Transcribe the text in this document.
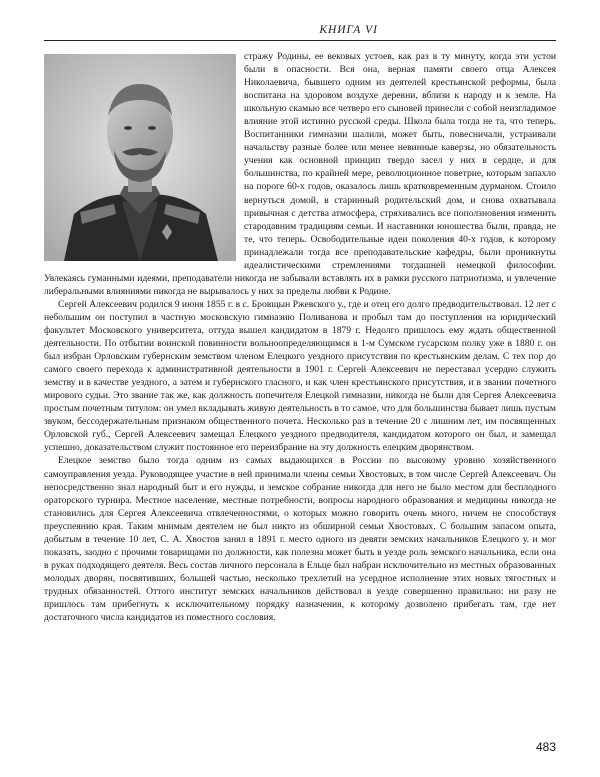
КНИГА VI

стражу Родины, ее вековых устоев, как раз в ту минуту, когда эти устои были в опасности. Вся она, верная памяти своего отца Алексея Николаевича, бывшего одним из деятелей крестьянской реформы, была воспитана на здоровом воздухе деревни, вблизи к народу и к земле. На школьную скамью все четверо его сыновей принесли с собой неизгладимое влияние этой истинно русской среды. Школа была тогда не та, что теперь. Воспитанники гимназии шалили, может быть, повесничали, устраивали начальству разные более или менее невинные каверзы, но обязательность учения как основной принцип твердо засел у них в сердце, и для большинства, по крайней мере, революционное поветрие, которым запахло на пороге 60-х годов, оказалось лишь кратковременным дурманом. Стоило вернуться домой, в старинный родительский дом, и снова охватывала привычная с детства атмосфера, стряхивались все поползновения изменить стародавним традициям семьи. И наставники юношества были, правда, не те, что теперь. Освободительные идеи поколения 40-х годов, к которому принадлежали тогда все преподавательские кафедры, были проникнуты идеалистическими стремлениями тогдашней немецкой философии. Увлекаясь гуманными идеями, преподаватели никогда не забывали вставлять их в рамки русского патриотизма, и увлечение либеральными влияниями никогда не вырывалось у них за пределы любви к Родине.

Сергей Алексеевич родился 9 июня 1855 г. в с. Бровщын Ржевского у., где и отец его долго предводительствовал. 12 лет с небольшим он поступил в частную московскую гимназию Поливанова и пробыл там до поступления на юридический факультет Московского университета, оттуда вышел кандидатом в 1879 г. Недолго пришлось ему ждать общественной деятельности. По отбытии воинской повинности вольноопределяющимся в 1-м Сумском гусарском полку уже в 1880 г. он был избран Орловским губернским земством членом Елецкого уездного присутствия по крестьянским делам. С тех пор до самого своего перехода к административной деятельности в 1901 г. Сергей Алексеевич не переставал усердно служить земству и в качестве уездного, а затем и губернского гласного, и как член крестьянского присутствия, и в звании почетного мирового судьи. Это звание так же, как должность попечителя Елецкой гимназии, никогда не были для Сергея Алексеевича простым почетным титулом: он умел вкладывать живую деятельность в то самое, что для большинства бывает лишь пустым звуком, бессодержательным признаком общественного почета. Несколько раз в течение 20 с лишним лет, им посвященных Орловской губ., Сергей Алексеевич замещал Елецкого уездного предводителя, кандидатом которого он был, и замещал успешно, доказательством служит постоянное его переизбрание на эту должность елецким дворянством.

Елецкое земство было тогда одним из самых выдающихся в России по высокому уровню хозяйственного самоуправления уезда. Руководящее участие в ней принимали члены семьи Хвостовых, в том числе Сергей Алексеевич. Он непосредственно знал народный быт и его нужды, и земское собрание никогда для него не было местом для бесплодного ораторского турнира. Местное население, местные потребности, вопросы народного образования и медицины никогда не становились для Сергея Алексеевича отвлеченностями, о которых можно говорить очень много, ничем не способствуя преуспеянию края. Таким мнимым деятелем не был никто из обширной семьи Хвостовых. С большим запасом опыта, добытым в течение 10 лет, С. А. Хвостов занял в 1891 г. место одного из девяти земских начальников Елецкого у. и мог показать, заодно с прочими товарищами по должности, как полезна может быть в уезде роль земского начальника, если она в руках подходящего деятеля. Весь состав личного персонала в Ельце был набран исключительно из местных образованных молодых дворян, посвятивших, большей частью, несколько трехлетий на усердное исполнение этих новых тягостных и трудных обязанностей. Оттого институт земских начальников действовал в уезде совершенно правильно: ни разу не пришлось там прибегнуть к исключительному порядку назначения, к которому дозволено прибегать там, где нет достаточного числа кандидатов из поместного сословия.

483
